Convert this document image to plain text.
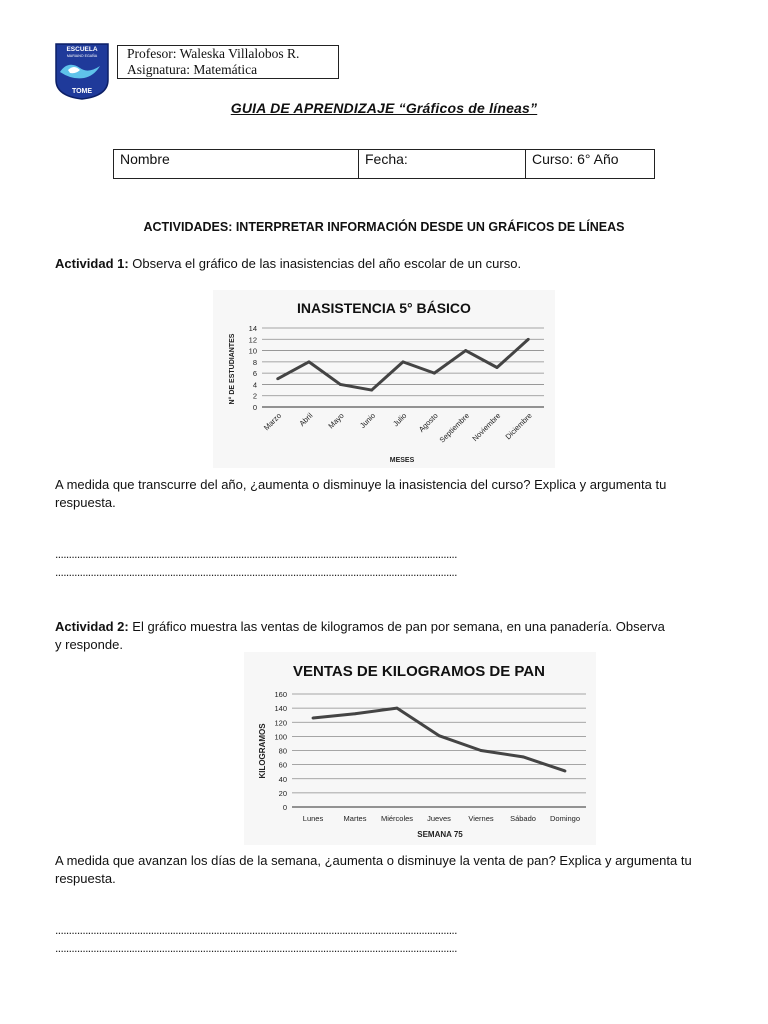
ESCUELA
MARIANO EGAÑA
TOME
Profesor: Waleska Villalobos R.
Asignatura: Matemática
GUIA DE APRENDIZAJE “Gráficos de líneas”
Nombre	Fecha:	Curso: 6° Año
ACTIVIDADES: INTERPRETAR INFORMACIÓN DESDE UN GRÁFICOS DE LÍNEAS
Actividad 1: Observa el gráfico de las inasistencias del año escolar de un curso.
INASISTENCIA 5° BÁSICO
0
2
4
6
8
10
12
14
Marzo Abril Mayo Junio Julio Agosto
Septiembre Noviembre Diciembre
N° DE ESTUDIANTES
MESES
A medida que transcurre del año, ¿aumenta o disminuye la inasistencia del curso? Explica y argumenta tu respuesta.
...................................................................................................................................................
...................................................................................................................................................
Actividad 2: El gráfico muestra las ventas de kilogramos de pan por semana, en una panadería. Observa y responde.
VENTAS DE KILOGRAMOS DE PAN
0
20
40
60
80
100
120
140
160
Lunes	Martes Miércoles Jueves Viernes Sábado Domingo
KILOGRAMOS
SEMANA 75
A medida que avanzan los días de la semana, ¿aumenta o disminuye la venta de pan? Explica y argumenta tu respuesta.
...................................................................................................................................................
...................................................................................................................................................
